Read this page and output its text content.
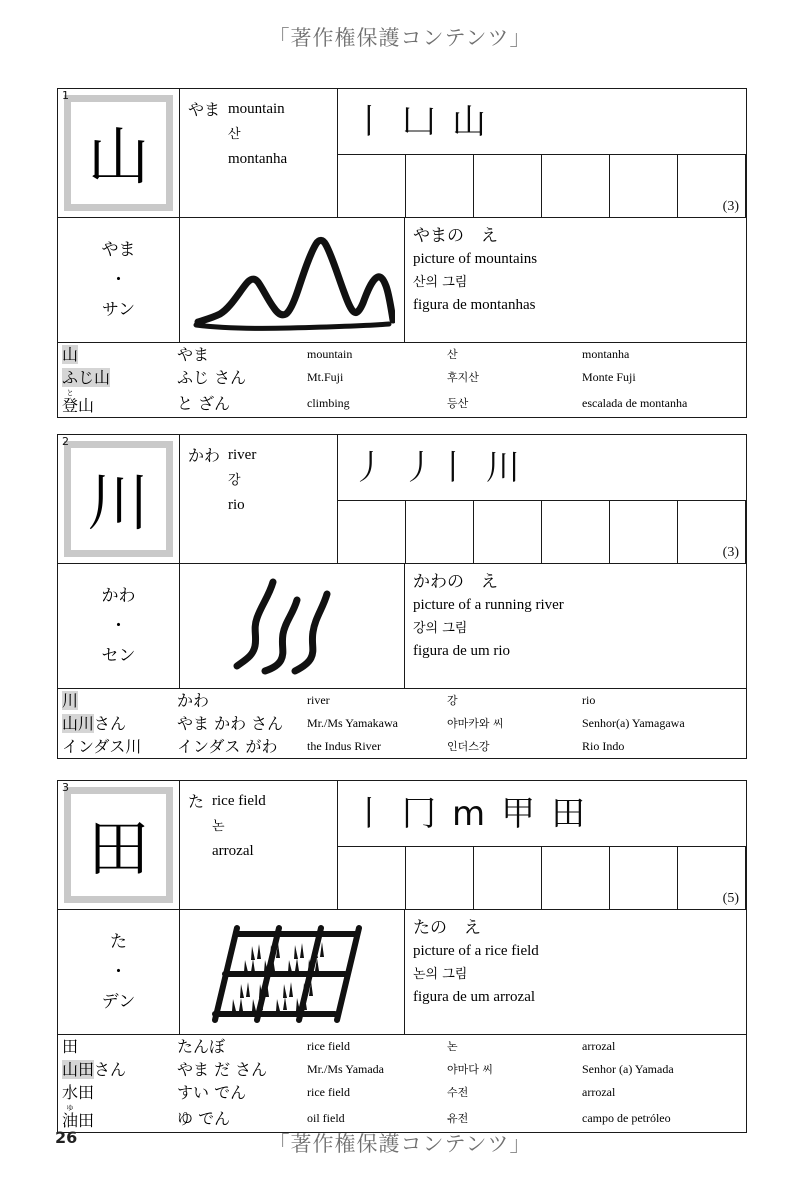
「著作権保護コンテンツ」
1
山
やま mountain
산
montanha
丨 凵 山
(3)
やま
・
サン
やまの　え
picture of mountains
산의 그림
figura de montanhas
山	やま	mountain	산	montanha
ふじ山	ふじ さん	Mt.Fuji	후지산	Monte Fuji
登と山	と ざん	climbing	등산	escalada de montanha
2
川
かわ river
강
rio
丿 丿丨 川
(3)
かわ
・
セン
かわの　え
picture of a running river
강의 그림
figura de um rio
川	かわ	river	강	rio
山川さん	やま かわ さん	Mr./Ms Yamakawa	야마카와 씨	Senhor(a) Yamagawa
インダス川	インダス がわ	the Indus River	인더스강	Rio Indo
3
田
た rice field
논
arrozal
丨 冂 m 甲 田
(5)
た
・
デン
たの　え
picture of a rice field
논의 그림
figura de um arrozal
田	たんぼ	rice field	논	arrozal
山田さん	やま だ さん	Mr./Ms Yamada	야마다 씨	Senhor (a) Yamada
水田	すい でん	rice field	수전	arrozal
油ゆ田	ゆ でん	oil field	유전	campo de petróleo
26	「著作権保護コンテンツ」
